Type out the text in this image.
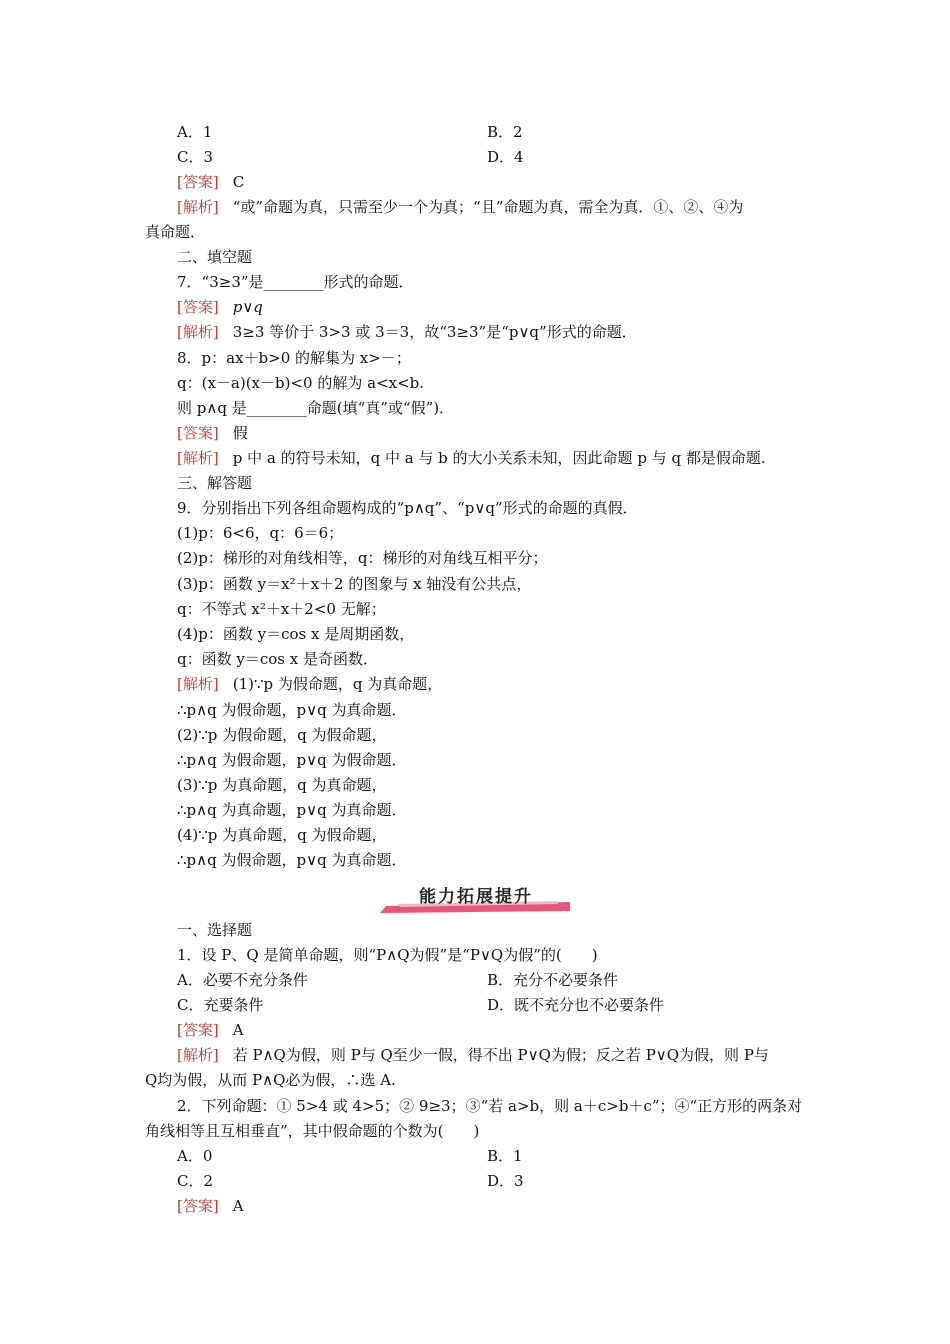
A．1	B．2
C．3	D．4
[答案] C
[解析] “或”命题为真，只需至少一个为真；“且”命题为真，需全为真．①、②、④为
真命题．
二、填空题
7．“3≥3”是________形式的命题．
[答案] p∨q
[解析] 3≥3 等价于 3>3 或 3＝3，故“3≥3”是“p∨q”形式的命题．
8．p：ax＋b>0 的解集为 x>－；
q：(x－a)(x－b)<0 的解为 a<x<b.
则 p∧q 是________命题(填“真”或“假”)．
[答案] 假
[解析] p 中 a 的符号未知，q 中 a 与 b 的大小关系未知，因此命题 p 与 q 都是假命题.
三、解答题
9．分别指出下列各组命题构成的“p∧q”、“p∨q”形式的命题的真假．
(1)p：6<6，q：6＝6；
(2)p：梯形的对角线相等，q：梯形的对角线互相平分；
(3)p：函数 y＝x²＋x＋2 的图象与 x 轴没有公共点，
q：不等式 x²＋x＋2<0 无解；
(4)p：函数 y＝cos x 是周期函数，
q：函数 y＝cos x 是奇函数．
[解析] (1)∵p 为假命题，q 为真命题，
∴p∧q 为假命题，p∨q 为真命题．
(2)∵p 为假命题，q 为假命题，
∴p∧q 为假命题，p∨q 为假命题．
(3)∵p 为真命题，q 为真命题，
∴p∧q 为真命题，p∨q 为真命题．
(4)∵p 为真命题，q 为假命题，
∴p∧q 为假命题，p∨q 为真命题．
能力拓展提升
一、选择题
1．设 P、Q 是简单命题，则“P∧Q为假”是“P∨Q为假”的(　　)
A．必要不充分条件	B．充分不必要条件
C．充要条件	D．既不充分也不必要条件
[答案] A
[解析] 若 P∧Q为假，则 P与 Q至少一假，得不出 P∨Q为假；反之若 P∨Q为假，则 P与
Q均为假，从而 P∧Q必为假，∴选 A.
2．下列命题：① 5>4 或 4>5；② 9≥3；③“若 a>b，则 a＋c>b＋c”；④“正方形的两条对
角线相等且互相垂直”，其中假命题的个数为(　　)
A．0	B．1
C．2	D．3
[答案] A
